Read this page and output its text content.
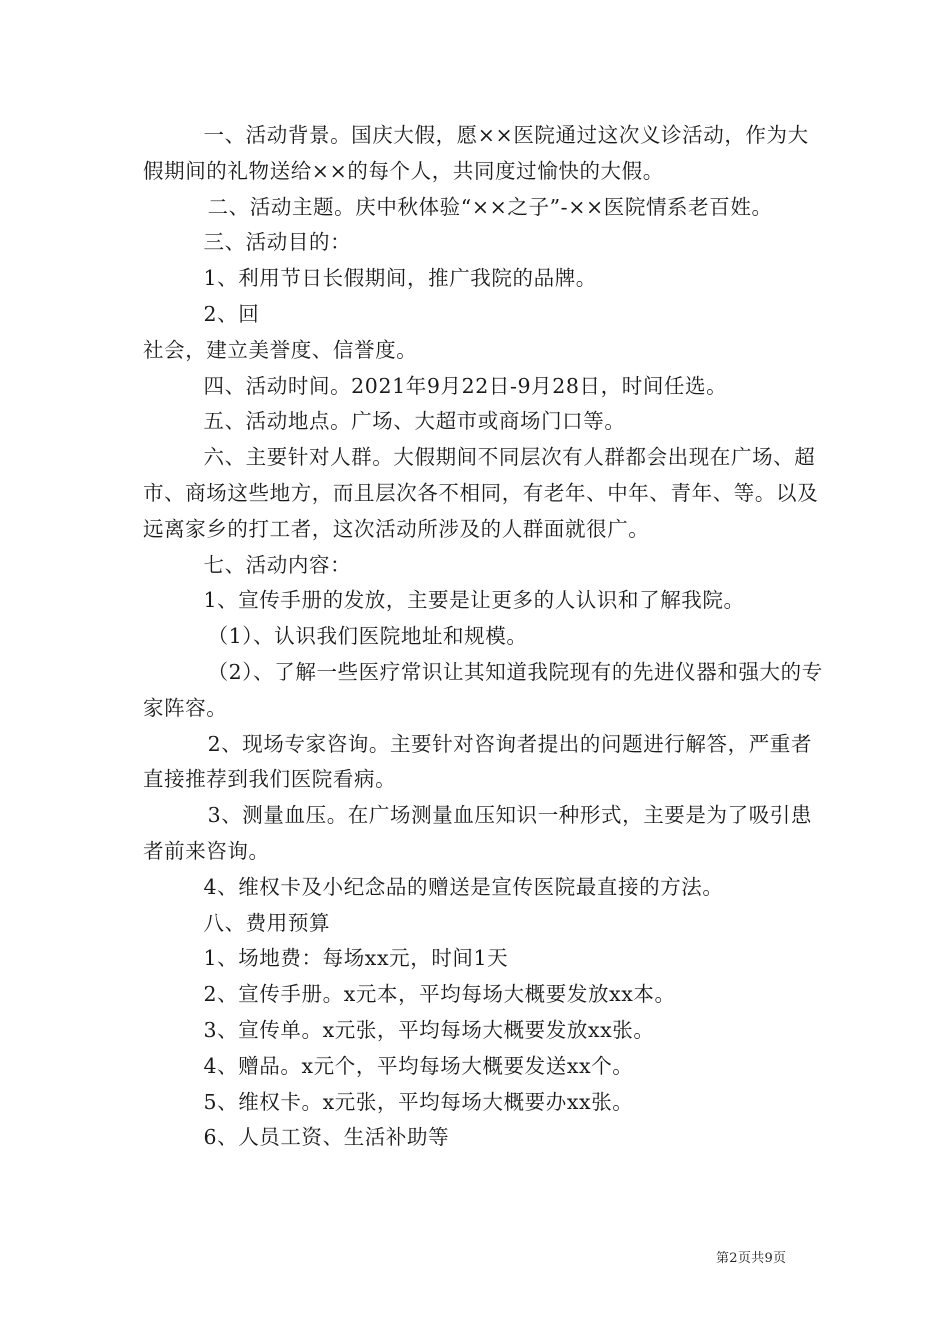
一、活动背景。国庆大假，愿××医院通过这次义诊活动，作为大假期间的礼物送给××的每个人，共同度过愉快的大假。

二、活动主题。庆中秋体验“××之子”-××医院情系老百姓。

三、活动目的：

1、利用节日长假期间，推广我院的品牌。

2、回

社会，建立美誉度、信誉度。

四、活动时间。2021年9月22日-9月28日，时间任选。

五、活动地点。广场、大超市或商场门口等。

六、主要针对人群。大假期间不同层次有人群都会出现在广场、超市、商场这些地方，而且层次各不相同，有老年、中年、青年、等。以及远离家乡的打工者，这次活动所涉及的人群面就很广。

七、活动内容：

1、宣传手册的发放，主要是让更多的人认识和了解我院。

（1）、认识我们医院地址和规模。

（2）、了解一些医疗常识让其知道我院现有的先进仪器和强大的专家阵容。

2、现场专家咨询。主要针对咨询者提出的问题进行解答，严重者直接推荐到我们医院看病。

3、测量血压。在广场测量血压知识一种形式，主要是为了吸引患者前来咨询。

4、维权卡及小纪念品的赠送是宣传医院最直接的方法。

八、费用预算

1、场地费：每场xx元，时间1天

2、宣传手册。x元本，平均每场大概要发放xx本。

3、宣传单。x元张，平均每场大概要发放xx张。

4、赠品。x元个，平均每场大概要发送xx个。

5、维权卡。x元张，平均每场大概要办xx张。

6、人员工资、生活补助等

第2页共9页
